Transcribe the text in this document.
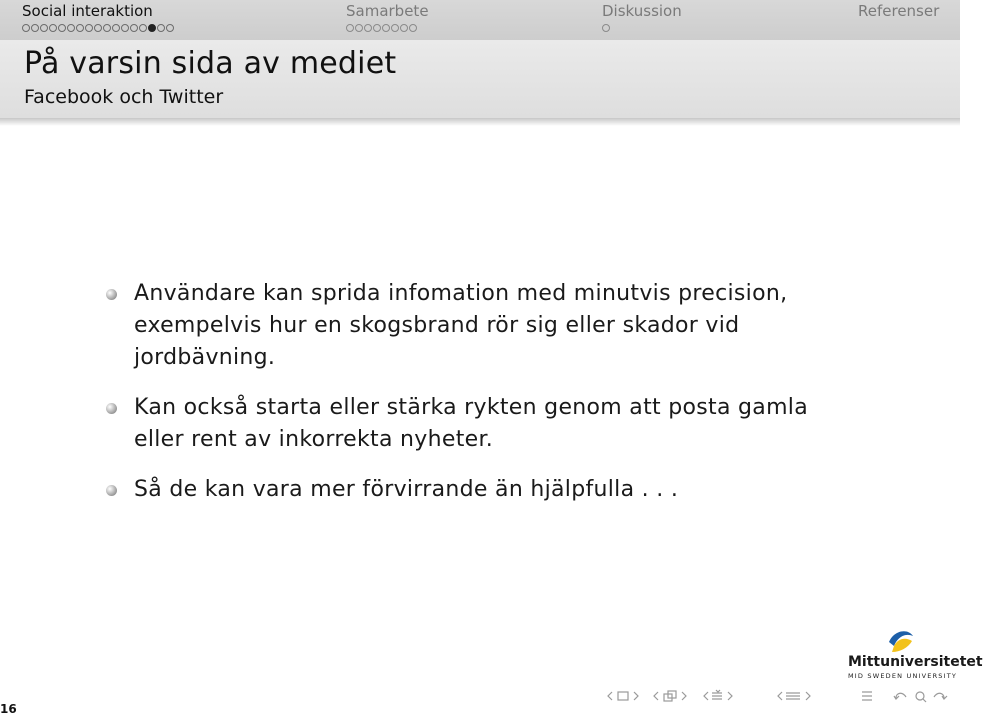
Social interaktion	Samarbete	Diskussion	Referenser
På varsin sida av mediet
Facebook och Twitter
Användare kan sprida infomation med minutvis precision, exempelvis hur en skogsbrand rör sig eller skador vid jordbävning.
Kan också starta eller stärka rykten genom att posta gamla eller rent av inkorrekta nyheter.
Så de kan vara mer förvirrande än hjälpfulla . . .
16
Mittuniversitetet
MID SWEDEN UNIVERSITY
